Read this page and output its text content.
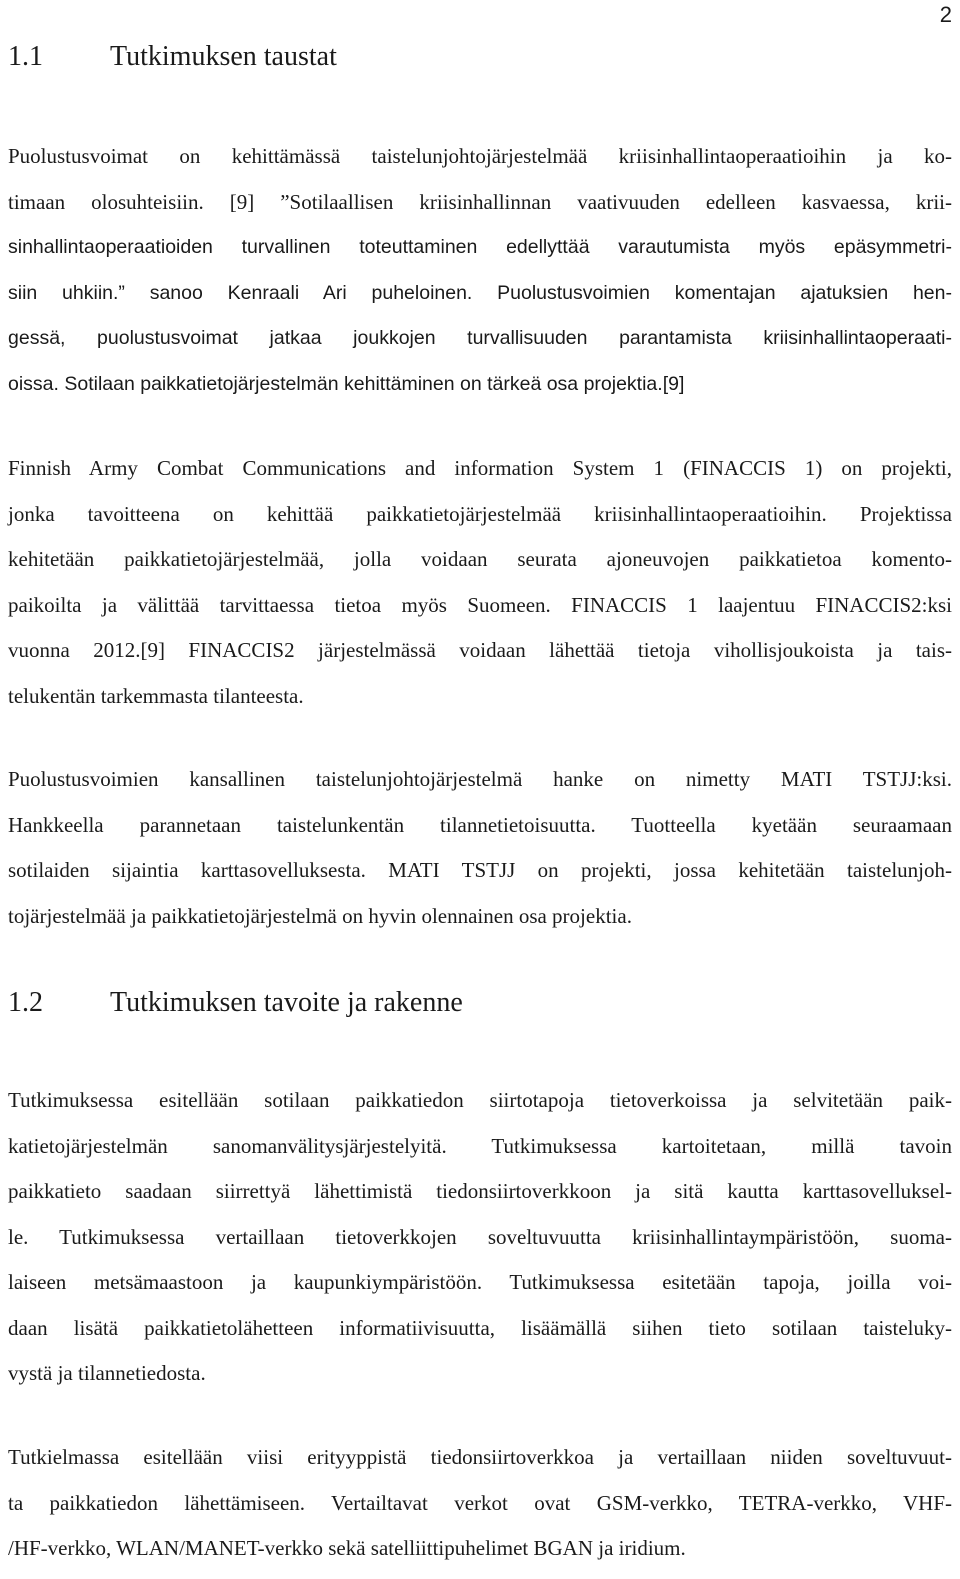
2
1.1 Tutkimuksen taustat
Puolustusvoimat on kehittämässä taistelunjohtojärjestelmää kriisinhallintaoperaatioihin ja ko-
timaan olosuhteisiin. [9] ”Sotilaallisen kriisinhallinnan vaativuuden edelleen kasvaessa, krii-
sinhallintaoperaatioiden turvallinen toteuttaminen edellyttää varautumista myös epäsymmetri-
siin uhkiin.” sanoo Kenraali Ari puheloinen. Puolustusvoimien komentajan ajatuksien hen-
gessä, puolustusvoimat jatkaa joukkojen turvallisuuden parantamista kriisinhallintaoperaati-
oissa. Sotilaan paikkatietojärjestelmän kehittäminen on tärkeä osa projektia.[9]
Finnish Army Combat Communications and information System 1 (FINACCIS 1) on projekti,
jonka tavoitteena on kehittää paikkatietojärjestelmää kriisinhallintaoperaatioihin. Projektissa
kehitetään paikkatietojärjestelmää, jolla voidaan seurata ajoneuvojen paikkatietoa komento-
paikoilta ja välittää tarvittaessa tietoa myös Suomeen. FINACCIS 1 laajentuu FINACCIS2:ksi
vuonna 2012.[9] FINACCIS2 järjestelmässä voidaan lähettää tietoja vihollisjoukoista ja tais-
telukentän tarkemmasta tilanteesta.
Puolustusvoimien kansallinen taistelunjohtojärjestelmä hanke on nimetty MATI TSTJJ:ksi.
Hankkeella parannetaan taistelunkentän tilannetietoisuutta. Tuotteella kyetään seuraamaan
sotilaiden sijaintia karttasovelluksesta. MATI TSTJJ on projekti, jossa kehitetään taistelunjoh-
tojärjestelmää ja paikkatietojärjestelmä on hyvin olennainen osa projektia.
1.2 Tutkimuksen tavoite ja rakenne
Tutkimuksessa esitellään sotilaan paikkatiedon siirtotapoja tietoverkoissa ja selvitetään paik-
katietojärjestelmän sanomanvälitysjärjestelyitä. Tutkimuksessa kartoitetaan, millä tavoin
paikkatieto saadaan siirrettyä lähettimistä tiedonsiirtoverkkoon ja sitä kautta karttasovelluksel-
le. Tutkimuksessa vertaillaan tietoverkkojen soveltuvuutta kriisinhallintaympäristöön, suoma-
laiseen metsämaastoon ja kaupunkiympäristöön. Tutkimuksessa esitetään tapoja, joilla voi-
daan lisätä paikkatietolähetteen informatiivisuutta, lisäämällä siihen tieto sotilaan taisteluky-
vystä ja tilannetiedosta.
Tutkielmassa esitellään viisi erityyppistä tiedonsiirtoverkkoa ja vertaillaan niiden soveltuvuut-
ta paikkatiedon lähettämiseen. Vertailtavat verkot ovat GSM-verkko, TETRA-verkko, VHF-
/HF-verkko, WLAN/MANET-verkko sekä satelliittipuhelimet BGAN ja iridium.
